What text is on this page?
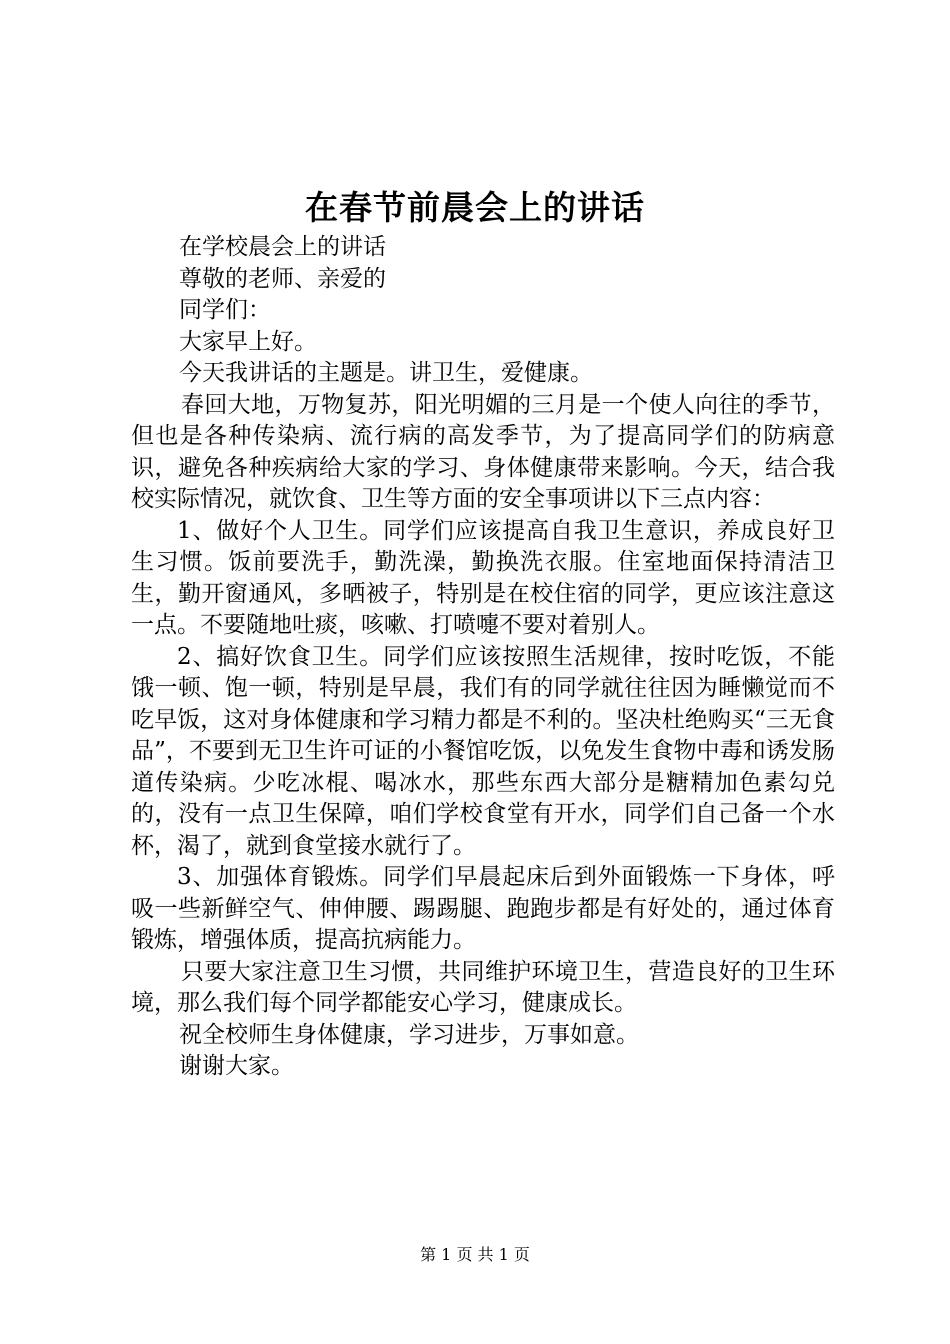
在春节前晨会上的讲话

在学校晨会上的讲话

尊敬的老师、亲爱的

同学们：

大家早上好。

今天我讲话的主题是。讲卫生，爱健康。

春回大地，万物复苏，阳光明媚的三月是一个使人向往的季节，但也是各种传染病、流行病的高发季节，为了提高同学们的防病意识，避免各种疾病给大家的学习、身体健康带来影响。今天，结合我校实际情况，就饮食、卫生等方面的安全事项讲以下三点内容：

1、做好个人卫生。同学们应该提高自我卫生意识，养成良好卫生习惯。饭前要洗手，勤洗澡，勤换洗衣服。住室地面保持清洁卫生，勤开窗通风，多晒被子，特别是在校住宿的同学，更应该注意这一点。不要随地吐痰，咳嗽、打喷嚏不要对着别人。

2、搞好饮食卫生。同学们应该按照生活规律，按时吃饭，不能饿一顿、饱一顿，特别是早晨，我们有的同学就往往因为睡懒觉而不吃早饭，这对身体健康和学习精力都是不利的。坚决杜绝购买“三无食品”，不要到无卫生许可证的小餐馆吃饭，以免发生食物中毒和诱发肠道传染病。少吃冰棍、喝冰水，那些东西大部分是糖精加色素勾兑的，没有一点卫生保障，咱们学校食堂有开水，同学们自己备一个水杯，渴了，就到食堂接水就行了。

3、加强体育锻炼。同学们早晨起床后到外面锻炼一下身体，呼吸一些新鲜空气、伸伸腰、踢踢腿、跑跑步都是有好处的，通过体育锻炼，增强体质，提高抗病能力。

只要大家注意卫生习惯，共同维护环境卫生，营造良好的卫生环境，那么我们每个同学都能安心学习，健康成长。

祝全校师生身体健康，学习进步，万事如意。

谢谢大家。

第 1 页 共 1 页
